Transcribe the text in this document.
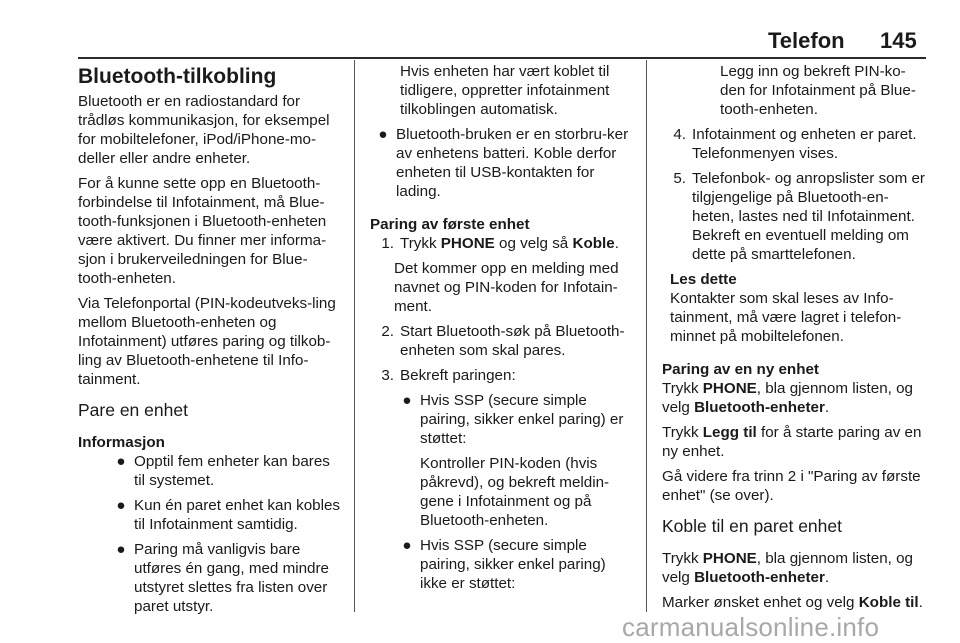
Telefon 145
Bluetooth-tilkobling

Bluetooth er en radiostandard for trådløs kommunikasjon, for eksempel for mobiltelefoner, iPod/iPhone-mo-deller eller andre enheter.

For å kunne sette opp en Bluetooth-forbindelse til Infotainment, må Blue-tooth-funksjonen i Bluetooth-enheten være aktivert. Du finner mer informa-sjon i brukerveiledningen for Blue-tooth-enheten.

Via Telefonportal (PIN-kodeutveks-ling mellom Bluetooth-enheten og Infotainment) utføres paring og tilkob-ling av Bluetooth-enhetene til Info-tainment.

Pare en enhet
Informasjon
● Opptil fem enheter kan bares til systemet.
● Kun én paret enhet kan kobles til Infotainment samtidig.
● Paring må vanligvis bare utføres én gang, med mindre utstyret slettes fra listen over paret utstyr.

Hvis enheten har vært koblet til tidligere, oppretter infotainment tilkoblingen automatisk.

● Bluetooth-bruken er en storbru-ker av enhetens batteri. Koble derfor enheten til USB-kontakten for lading.
Paring av første enhet
1. Trykk PHONE og velg så Koble.

Det kommer opp en melding med navnet og PIN-koden for Infotain-ment.

2. Start Bluetooth-søk på Bluetooth-enheten som skal pares.
3. Bekreft paringen:
● Hvis SSP (secure simple pairing, sikker enkel paring) er støttet:

Kontroller PIN-koden (hvis påkrevd), og bekreft meldin-gene i Infotainment og på Bluetooth-enheten.

● Hvis SSP (secure simple pairing, sikker enkel paring) ikke er støttet:

Legg inn og bekreft PIN-ko-den for Infotainment på Blue-tooth-enheten.

4. Infotainment og enheten er paret. Telefonmenyen vises.
5. Telefonbok- og anropslister som er tilgjengelige på Bluetooth-en-heten, lastes ned til Infotainment. Bekreft en eventuell melding om dette på smarttelefonen.
Les dette

Kontakter som skal leses av Info-tainment, må være lagret i telefon-minnet på mobiltelefonen.

Paring av en ny enhet

Trykk PHONE, bla gjennom listen, og velg Bluetooth-enheter.

Trykk Legg til for å starte paring av en ny enhet.

Gå videre fra trinn 2 i "Paring av første enhet" (se over).

Koble til en paret enhet

Trykk PHONE, bla gjennom listen, og velg Bluetooth-enheter.

Marker ønsket enhet og velg Koble til.

carmanualsonline.info
